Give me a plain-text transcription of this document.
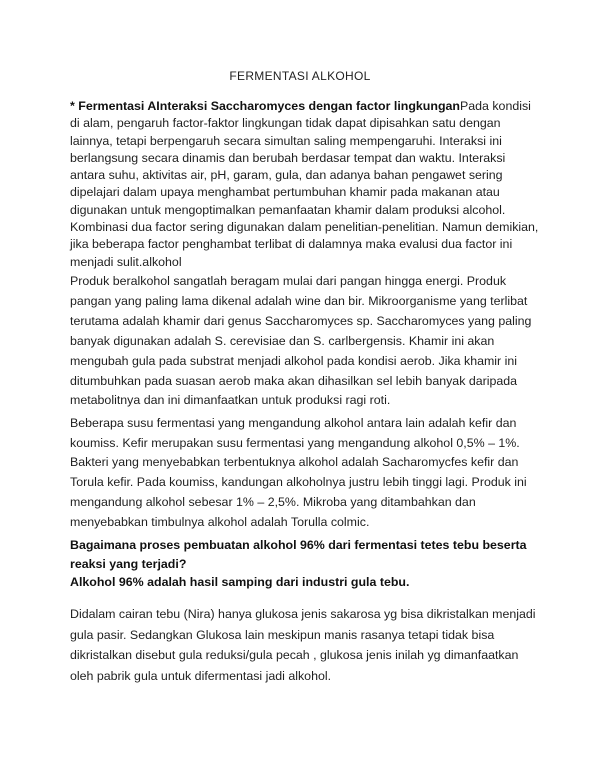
FERMENTASI ALKOHOL

* Fermentasi AInteraksi Saccharomyces dengan factor lingkunganPada kondisi di alam, pengaruh factor-faktor lingkungan tidak dapat dipisahkan satu dengan lainnya, tetapi berpengaruh secara simultan saling mempengaruhi. Interaksi ini berlangsung secara dinamis dan berubah berdasar tempat dan waktu. Interaksi antara suhu, aktivitas air, pH, garam, gula, dan adanya bahan pengawet sering dipelajari dalam upaya menghambat pertumbuhan khamir pada makanan atau digunakan untuk mengoptimalkan pemanfaatan khamir dalam produksi alcohol. Kombinasi dua factor sering digunakan dalam penelitian-penelitian. Namun demikian, jika beberapa factor penghambat terlibat di dalamnya maka evalusi dua factor ini menjadi sulit.alkohol

Produk beralkohol sangatlah beragam mulai dari pangan hingga energi. Produk pangan yang paling lama dikenal adalah wine dan bir. Mikroorganisme yang terlibat terutama adalah khamir dari genus Saccharomyces sp. Saccharomyces yang paling banyak digunakan adalah S. cerevisiae dan S. carlbergensis. Khamir ini akan mengubah gula pada substrat menjadi alkohol pada kondisi aerob. Jika khamir ini ditumbuhkan pada suasan aerob maka akan dihasilkan sel lebih banyak daripada metabolitnya dan ini dimanfaatkan untuk produksi ragi roti.

Beberapa susu fermentasi yang mengandung alkohol antara lain adalah kefir dan koumiss. Kefir merupakan susu fermentasi yang mengandung alkohol 0,5% – 1%. Bakteri yang menyebabkan terbentuknya alkohol adalah Sacharomycfes kefir dan Torula kefir. Pada koumiss, kandungan alkoholnya justru lebih tinggi lagi. Produk ini mengandung alkohol sebesar 1% – 2,5%. Mikroba yang ditambahkan dan menyebabkan timbulnya alkohol adalah Torulla colmic.

Bagaimana proses pembuatan alkohol 96% dari fermentasi tetes tebu beserta reaksi yang terjadi?

Alkohol 96% adalah hasil samping dari industri gula tebu.

Didalam cairan tebu (Nira) hanya glukosa jenis sakarosa yg bisa dikristalkan menjadi gula pasir. Sedangkan Glukosa lain meskipun manis rasanya tetapi tidak bisa dikristalkan disebut gula reduksi/gula pecah , glukosa jenis inilah yg dimanfaatkan oleh pabrik gula untuk difermentasi jadi alkohol.
